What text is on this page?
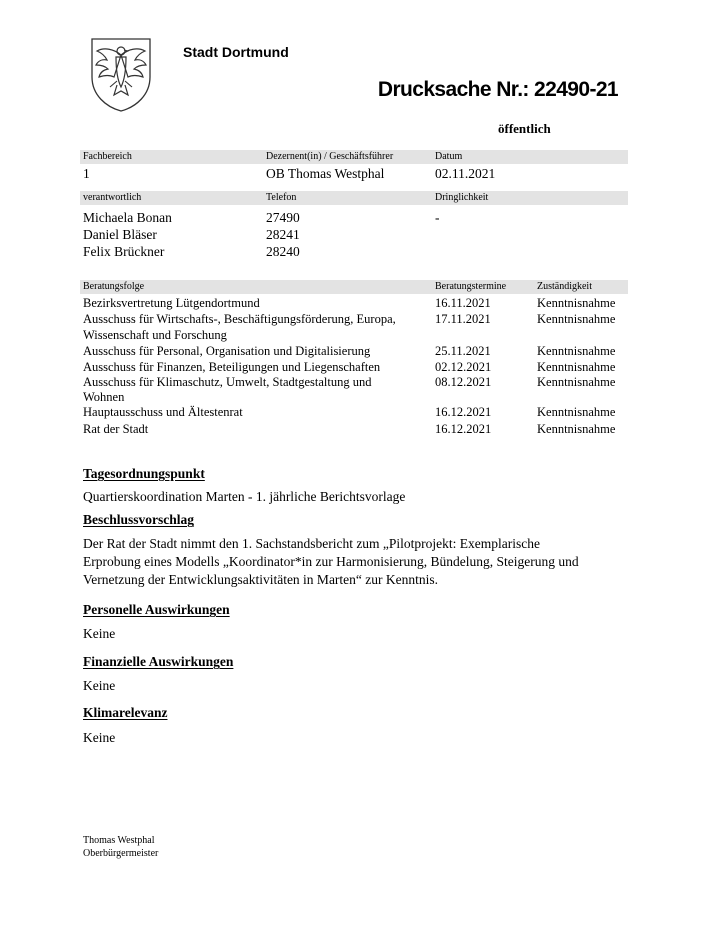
Stadt Dortmund
Drucksache Nr.: 22490-21
öffentlich
Fachbereich	Dezernent(in) / Geschäftsführer	Datum
1	OB Thomas Westphal	02.11.2021
verantwortlich	Telefon	Dringlichkeit
Michaela Bonan	27490	-
Daniel Bläser	28241
Felix Brückner	28240
Beratungsfolge	Beratungstermine	Zuständigkeit
Bezirksvertretung Lütgendortmund	16.11.2021	Kenntnisnahme
Ausschuss für Wirtschafts-, Beschäftigungsförderung, Europa,
Wissenschaft und Forschung
17.11.2021	Kenntnisnahme
Ausschuss für Personal, Organisation und Digitalisierung	25.11.2021	Kenntnisnahme
Ausschuss für Finanzen, Beteiligungen und Liegenschaften	02.12.2021	Kenntnisnahme
Ausschuss für Klimaschutz, Umwelt, Stadtgestaltung und
Wohnen
08.12.2021	Kenntnisnahme
Hauptausschuss und Ältestenrat	16.12.2021	Kenntnisnahme
Rat der Stadt	16.12.2021	Kenntnisnahme
Tagesordnungspunkt
Quartierskoordination Marten - 1. jährliche Berichtsvorlage
Beschlussvorschlag
Der Rat der Stadt nimmt den 1. Sachstandsbericht zum „Pilotprojekt: Exemplarische
Erprobung eines Modells „Koordinator*in zur Harmonisierung, Bündelung, Steigerung und
Vernetzung der Entwicklungsaktivitäten in Marten“ zur Kenntnis.
Personelle Auswirkungen
Keine
Finanzielle Auswirkungen
Keine
Klimarelevanz
Keine
Thomas Westphal
Oberbürgermeister
